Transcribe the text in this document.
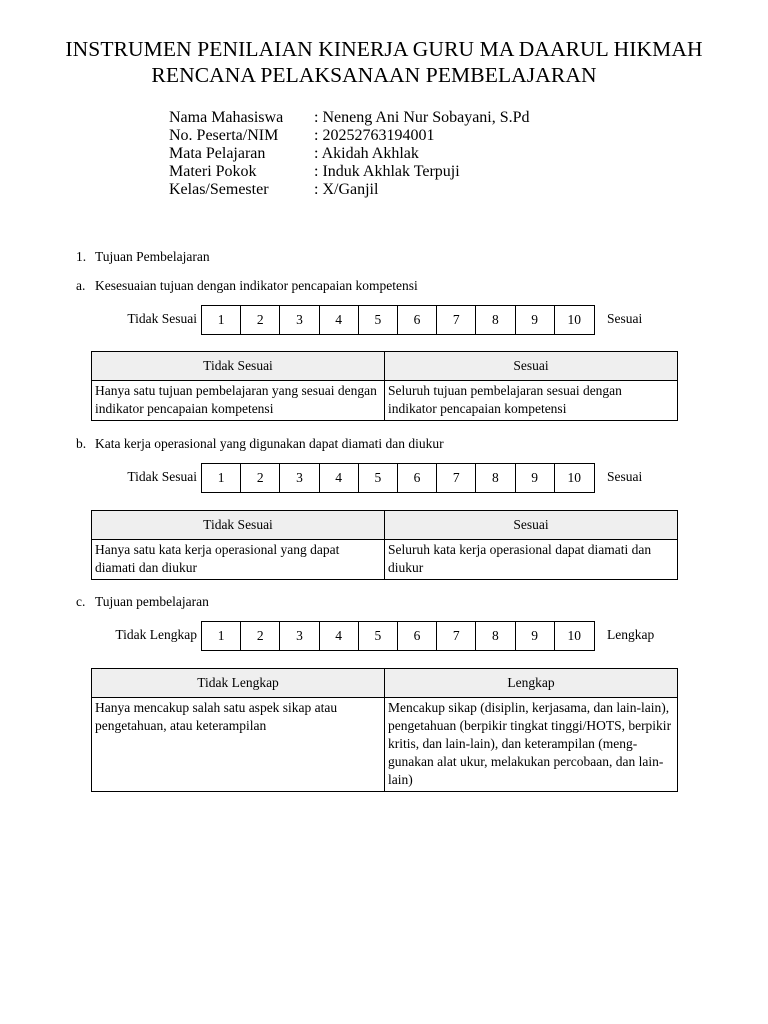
INSTRUMEN PENILAIAN KINERJA GURU MA DAARUL HIKMAH
RENCANA PELAKSANAAN PEMBELAJARAN
Nama Mahasiswa	: Neneng Ani Nur Sobayani, S.Pd
No. Peserta/NIM	: 20252763194001
Mata Pelajaran	: Akidah Akhlak
Materi Pokok	: Induk Akhlak Terpuji
Kelas/Semester	: X/Ganjil
1. Tujuan Pembelajaran
a. Kesesuaian tujuan dengan indikator pencapaian kompetensi
Tidak Sesuai	1	2	3	4	5	6	7	8	9	10	Sesuai
Tidak Sesuai	Sesuai
Hanya satu tujuan pembelajaran yang sesuai dengan indikator pencapaian kompetensi	Seluruh tujuan pembelajaran sesuai dengan indikator pencapaian kompetensi
b. Kata kerja operasional yang digunakan dapat diamati dan diukur
Tidak Sesuai	1	2	3	4	5	6	7	8	9	10	Sesuai
Tidak Sesuai	Sesuai
Hanya satu kata kerja operasional yang dapat diamati dan diukur	Seluruh kata kerja operasional dapat diamati dan diukur
c. Tujuan pembelajaran
Tidak Lengkap	1	2	3	4	5	6	7	8	9	10	Lengkap
Tidak Lengkap	Lengkap
Hanya mencakup salah satu aspek sikap atau pengetahuan, atau keterampilan	Mencakup sikap (disiplin, kerjasama, dan lain-lain), pengetahuan (berpikir tingkat tinggi/HOTS, berpikir kritis, dan lain-lain), dan keterampilan (meng-gunakan alat ukur, melakukan percobaan, dan lain-lain)
